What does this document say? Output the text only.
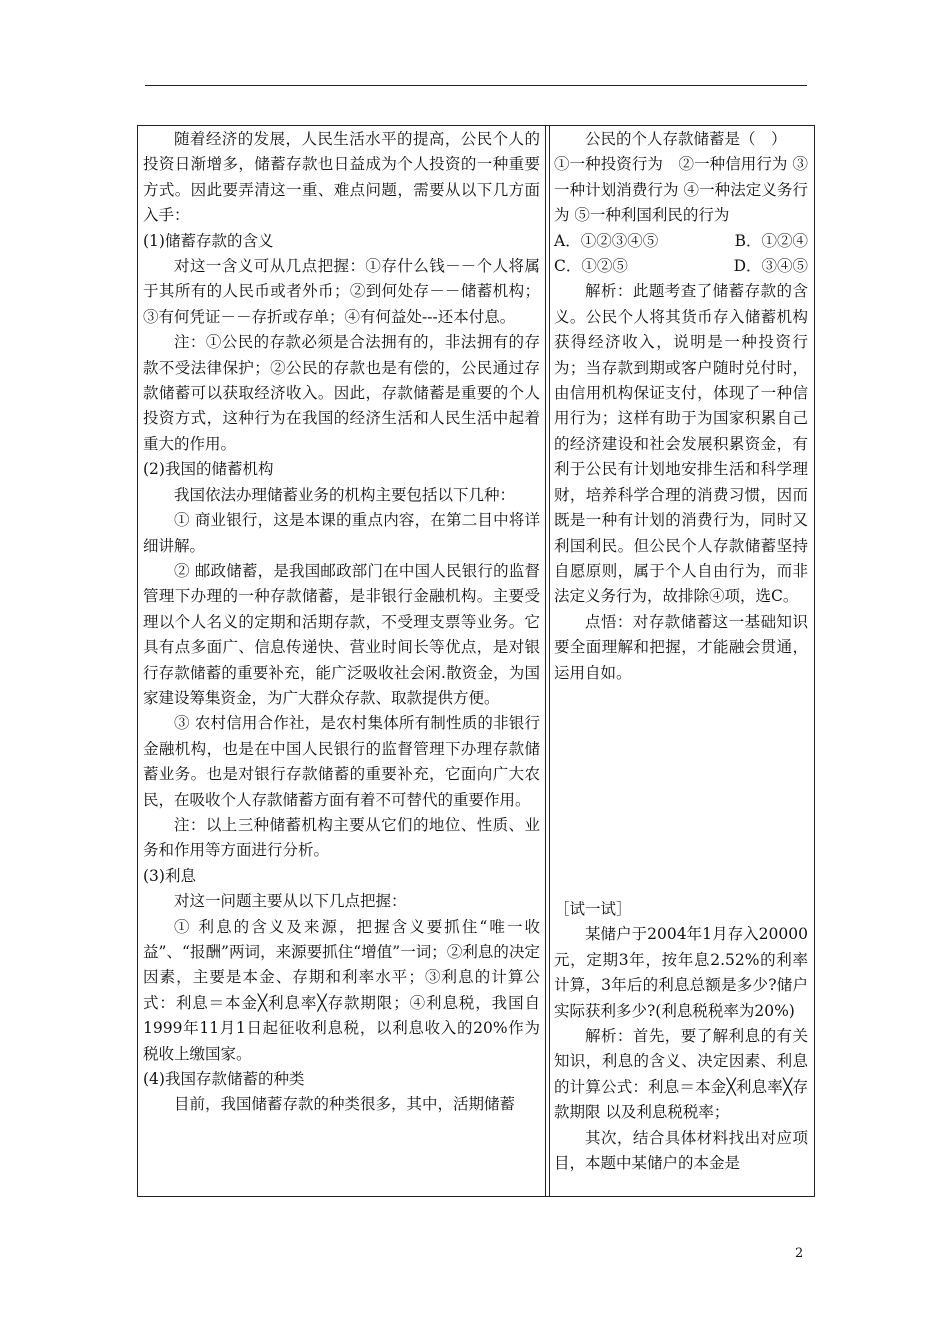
随着经济的发展，人民生活水平的提高，公民个人的投资日渐增多，储蓄存款也日益成为个人投资的一种重要方式。因此要弄清这一重、难点问题，需要从以下几方面入手：

(1)储蓄存款的含义

对这一含义可从几点把握：①存什么钱－－个人将属于其所有的人民币或者外币；②到何处存－－储蓄机构；③有何凭证－－存折或存单；④有何益处---还本付息。

注：①公民的存款必须是合法拥有的，非法拥有的存款不受法律保护；②公民的存款也是有偿的，公民通过存款储蓄可以获取经济收入。因此，存款储蓄是重要的个人投资方式，这种行为在我国的经济生活和人民生活中起着重大的作用。

(2)我国的储蓄机构

我国依法办理储蓄业务的机构主要包括以下几种：

① 商业银行，这是本课的重点内容，在第二目中将详细讲解。

② 邮政储蓄，是我国邮政部门在中国人民银行的监督管理下办理的一种存款储蓄，是非银行金融机构。主要受理以个人名义的定期和活期存款，不受理支票等业务。它具有点多面广、信息传递快、营业时间长等优点，是对银行存款储蓄的重要补充，能广泛吸收社会闲.散资金，为国家建设筹集资金，为广大群众存款、取款提供方便。

③ 农村信用合作社，是农村集体所有制性质的非银行金融机构，也是在中国人民银行的监督管理下办理存款储蓄业务。也是对银行存款储蓄的重要补充，它面向广大农民，在吸收个人存款储蓄方面有着不可替代的重要作用。

注：以上三种储蓄机构主要从它们的地位、性质、业务和作用等方面进行分析。

(3)利息

对这一问题主要从以下几点把握：

① 利息的含义及来源，把握含义要抓住“唯一收益”、“报酬”两词，来源要抓住“增值”一词；②利息的决定因素，主要是本金、存期和利率水平；③利息的计算公式：利息＝本金╳利息率╳存款期限；④利息税，我国自1999年11月1日起征收利息税，以利息收入的20%作为税收上缴国家。

(4)我国存款储蓄的种类

目前，我国储蓄存款的种类很多，其中，活期储蓄

公民的个人存款储蓄是（　）

①一种投资行为　②一种信用行为 ③一种计划消费行为 ④一种法定义务行为 ⑤一种利国利民的行为

A．①②③④⑤	B．①②④
C．①②⑤	D．③④⑤

解析：此题考查了储蓄存款的含义。公民个人将其货币存入储蓄机构获得经济收入，说明是一种投资行为；当存款到期或客户随时兑付时，由信用机构保证支付，体现了一种信用行为；这样有助于为国家积累自己的经济建设和社会发展积累资金，有利于公民有计划地安排生活和科学理财，培养科学合理的消费习惯，因而既是一种有计划的消费行为，同时又利国利民。但公民个人存款储蓄坚持自愿原则，属于个人自由行为，而非法定义务行为，故排除④项，选C。

点悟：对存款储蓄这一基础知识要全面理解和把握，才能融会贯通，运用自如。

［试一试］

某储户于2004年1月存入20000元，定期3年，按年息2.52%的利率计算，3年后的利息总额是多少?储户实际获利多少?(利息税税率为20%)

解析：首先，要了解利息的有关知识，利息的含义、决定因素、利息的计算公式：利息＝本金╳利息率╳存款期限 以及利息税税率；

其次，结合具体材料找出对应项目，本题中某储户的本金是

2
